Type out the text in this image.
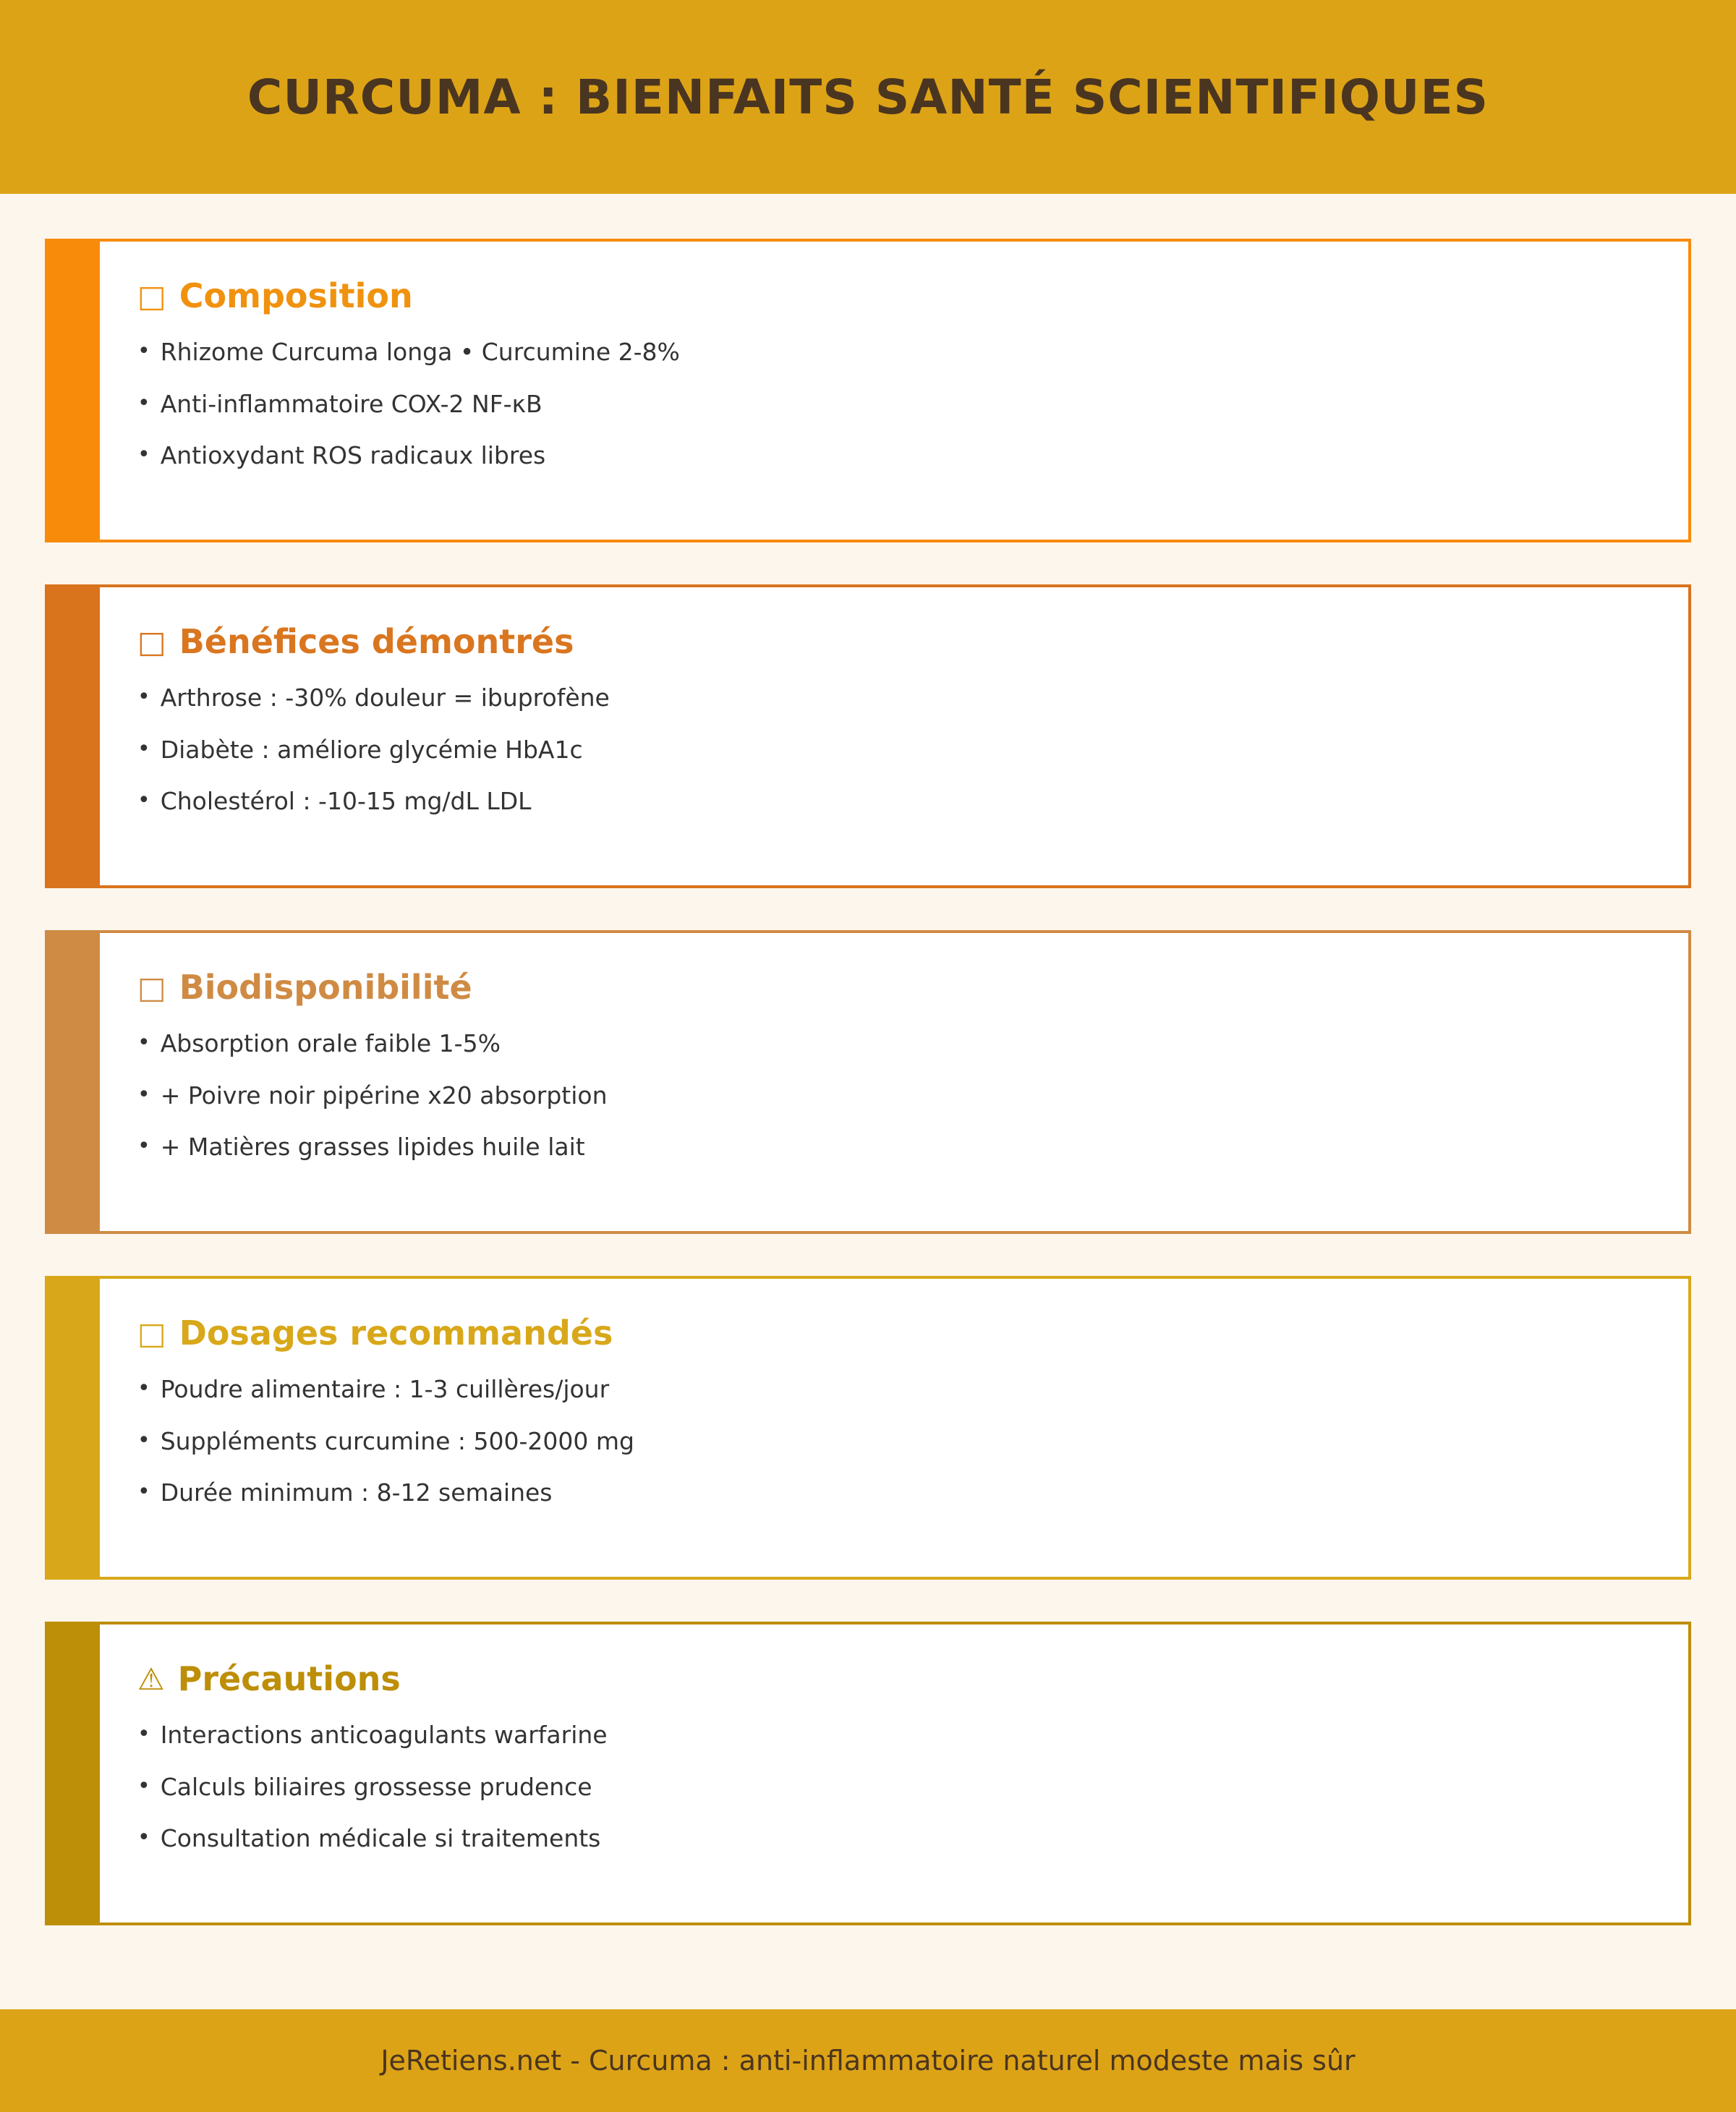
CURCUMA : BIENFAITS SANTÉ SCIENTIFIQUES
□ Composition
• Rhizome Curcuma longa • Curcumine 2-8%
• Anti-inflammatoire COX-2 NF-κB
• Antioxydant ROS radicaux libres
□ Bénéfices démontrés
• Arthrose : -30% douleur = ibuprofène
• Diabète : améliore glycémie HbA1c
• Cholestérol : -10-15 mg/dL LDL
□ Biodisponibilité
• Absorption orale faible 1-5%
• + Poivre noir pipérine x20 absorption
• + Matières grasses lipides huile lait
□ Dosages recommandés
• Poudre alimentaire : 1-3 cuillères/jour
• Suppléments curcumine : 500-2000 mg
• Durée minimum : 8-12 semaines
⚠ Précautions
• Interactions anticoagulants warfarine
• Calculs biliaires grossesse prudence
• Consultation médicale si traitements
JeRetiens.net - Curcuma : anti-inflammatoire naturel modeste mais sûr
